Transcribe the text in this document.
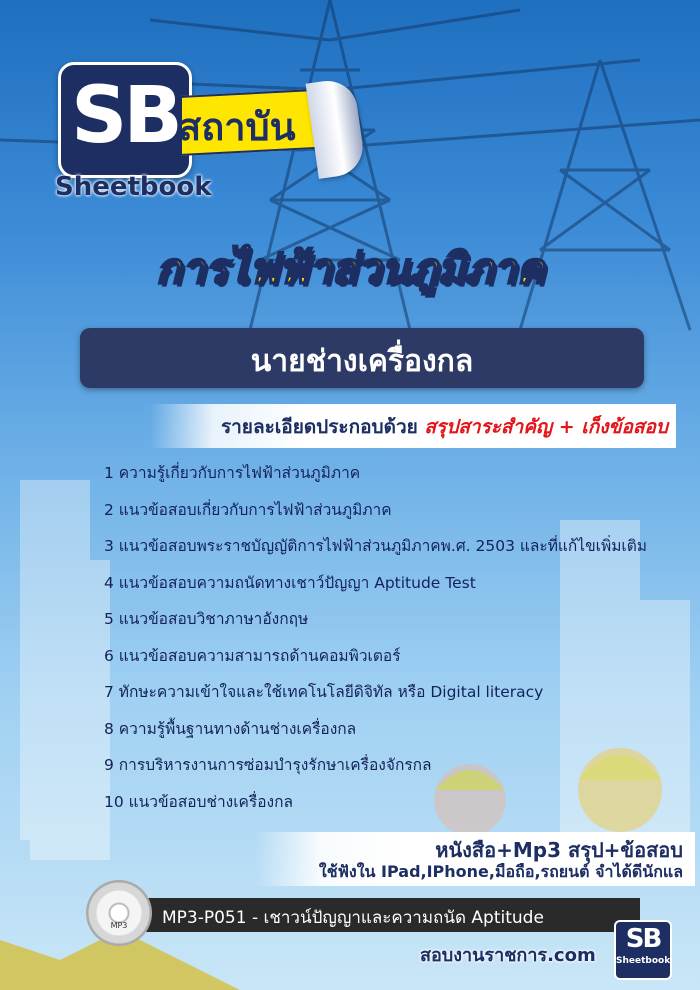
SB สถาบัน
Sheetbook
การไฟฟ้าส่วนภูมิภาค
นายช่างเครื่องกล
รายละเอียดประกอบด้วย สรุปสาระสำคัญ + เก็งข้อสอบ
1 ความรู้เกี่ยวกับการไฟฟ้าส่วนภูมิภาค
2 แนวข้อสอบเกี่ยวกับการไฟฟ้าส่วนภูมิภาค
3 แนวข้อสอบพระราชบัญญัติการไฟฟ้าส่วนภูมิภาคพ.ศ. 2503 และที่แก้ไขเพิ่มเติม
4 แนวข้อสอบความถนัดทางเชาว์ปัญญา Aptitude Test
5 แนวข้อสอบวิชาภาษาอังกฤษ
6 แนวข้อสอบความสามารถด้านคอมพิวเตอร์
7 ทักษะความเข้าใจและใช้เทคโนโลยีดิจิทัล หรือ Digital literacy
8 ความรู้พื้นฐานทางด้านช่างเครื่องกล
9 การบริหารงานการซ่อมบำรุงรักษาเครื่องจักรกล
10 แนวข้อสอบช่างเครื่องกล
หนังสือ+Mp3 สรุป+ข้อสอบ
ใช้ฟังใน IPad,IPhone,มือถือ,รถยนต์ จำได้ดีนักแล
MP3-P051 - เชาวน์ปัญญาและความถนัด Aptitude
MP3
สอบงานราชการ.com
SB
Sheetbook
